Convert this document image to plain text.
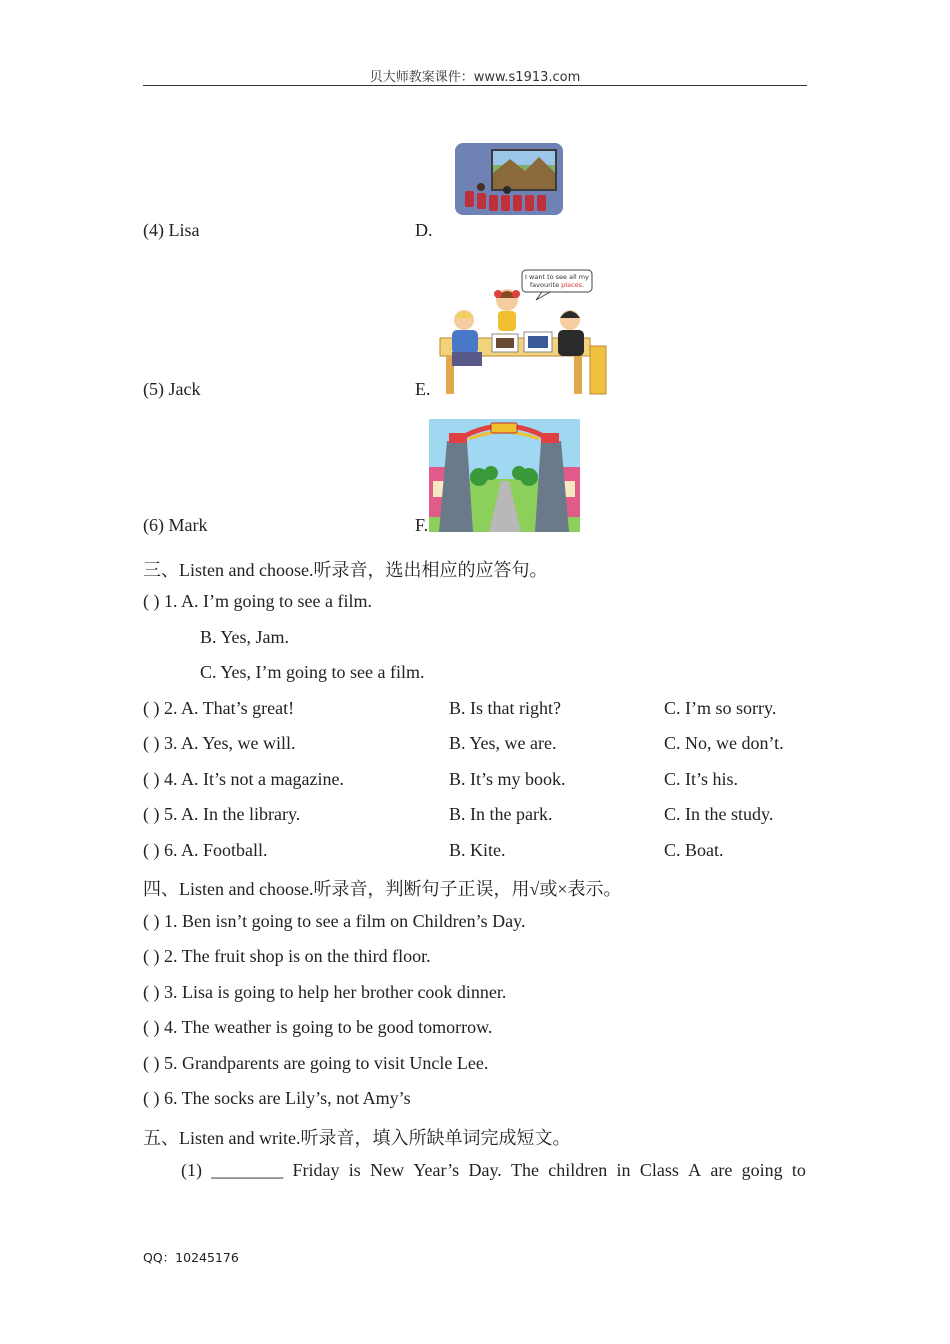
贝大师教案课件：www.s1913.com
(4) Lisa	D.
I want to see all my
favourite places.
(5) Jack	E.
(6) Mark	F.
三、Listen and choose.听录音，选出相应的应答句。
( ) 1. A. I’m going to see a film.
B. Yes, Jam.
C. Yes, I’m going to see a film.
( ) 2. A. That’s great!	B. Is that right?	C. I’m so sorry.
( ) 3. A. Yes, we will.	B. Yes, we are.	C. No, we don’t.
( ) 4. A. It’s not a magazine.	B. It’s my book.	C. It’s his.
( ) 5. A. In the library.	B. In the park.	C. In the study.
( ) 6. A. Football.	B. Kite.	C. Boat.
四、Listen and choose.听录音，判断句子正误，用√或×表示。
( ) 1. Ben isn’t going to see a film on Children’s Day.
( ) 2. The fruit shop is on the third floor.
( ) 3. Lisa is going to help her brother cook dinner.
( ) 4. The weather is going to be good tomorrow.
( ) 5. Grandparents are going to visit Uncle Lee.
( ) 6. The socks are Lily’s, not Amy’s
五、Listen and write.听录音，填入所缺单词完成短文。
(1) ________ Friday is New Year’s Day. The children in Class A are going to
QQ：10245176
